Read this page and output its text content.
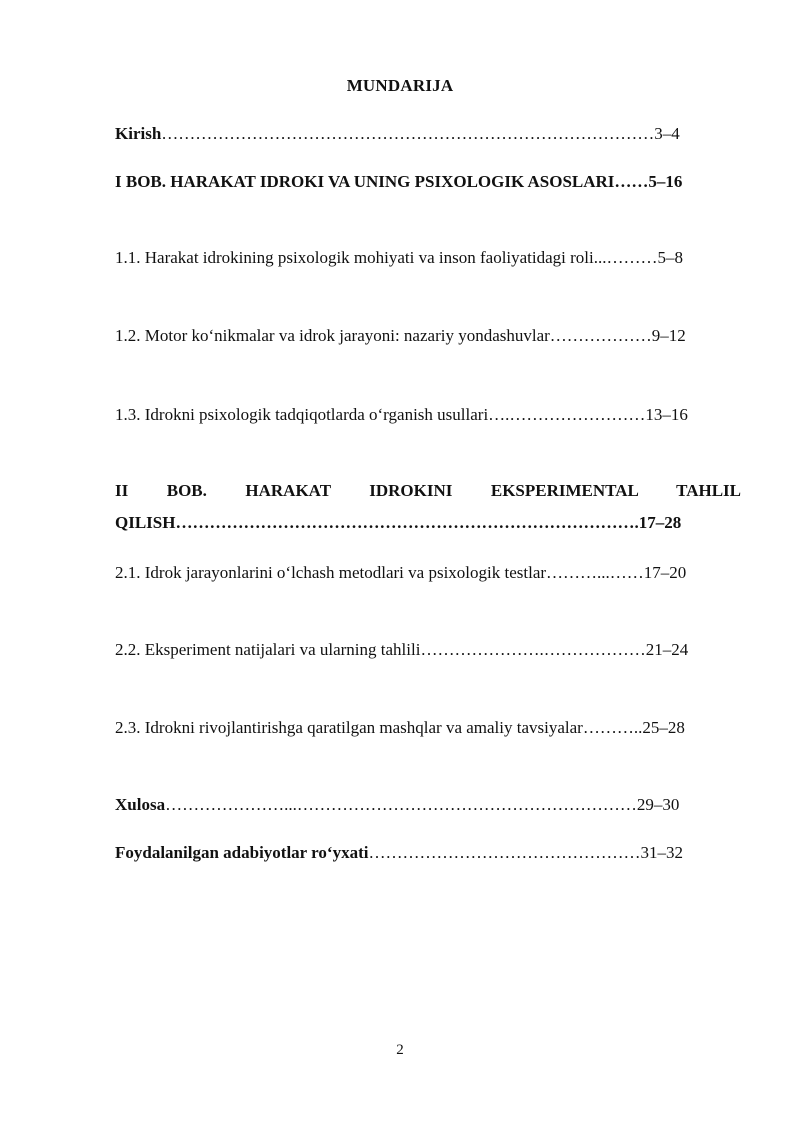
MUNDARIJA
Kirish……………………………………………………………………………3–4
I BOB. HARAKAT IDROKI VA UNING PSIXOLOGIK ASOSLARI……5–16
1.1. Harakat idrokining psixologik mohiyati va inson faoliyatidagi roli...………5–8
1.2. Motor ko‘nikmalar va idrok jarayoni: nazariy yondashuvlar………………9–12
1.3. Idrokni psixologik tadqiqotlarda o‘rganish usullari….……………………13–16
II BOB. HARAKAT IDROKINI EKSPERIMENTAL TAHLIL
QILISH……………………………………………………………………….17–28
2.1. Idrok jarayonlarini o‘lchash metodlari va psixologik testlar………...……17–20
2.2. Eksperiment natijalari va ularning tahlili………………….………………21–24
2.3. Idrokni rivojlantirishga qaratilgan mashqlar va amaliy tavsiyalar………..25–28
Xulosa…………………...……………………………………………………29–30
Foydalanilgan adabiyotlar ro‘yxati…………………………………………31–32
2
